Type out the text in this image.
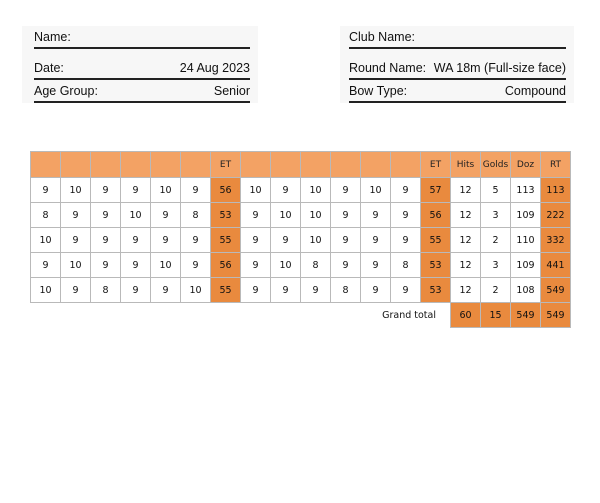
Name:
Date:	24 Aug 2023
Age Group:	Senior
Club Name:
Round Name: WA 18m (Full-size face)
Bow Type:	Compound
						ET							ET	Hits	Golds	Doz	RT
9	10	9	9	10	9	56	10	9	10	9	10	9	57	12	5	113	113
8	9	9	10	9	8	53	9	10	10	9	9	9	56	12	3	109	222
10	9	9	9	9	9	55	9	9	10	9	9	9	55	12	2	110	332
9	10	9	9	10	9	56	9	10	8	9	9	8	53	12	3	109	441
10	9	8	9	9	10	55	9	9	9	8	9	9	53	12	2	108	549
										Grand total				60	15	549	549
